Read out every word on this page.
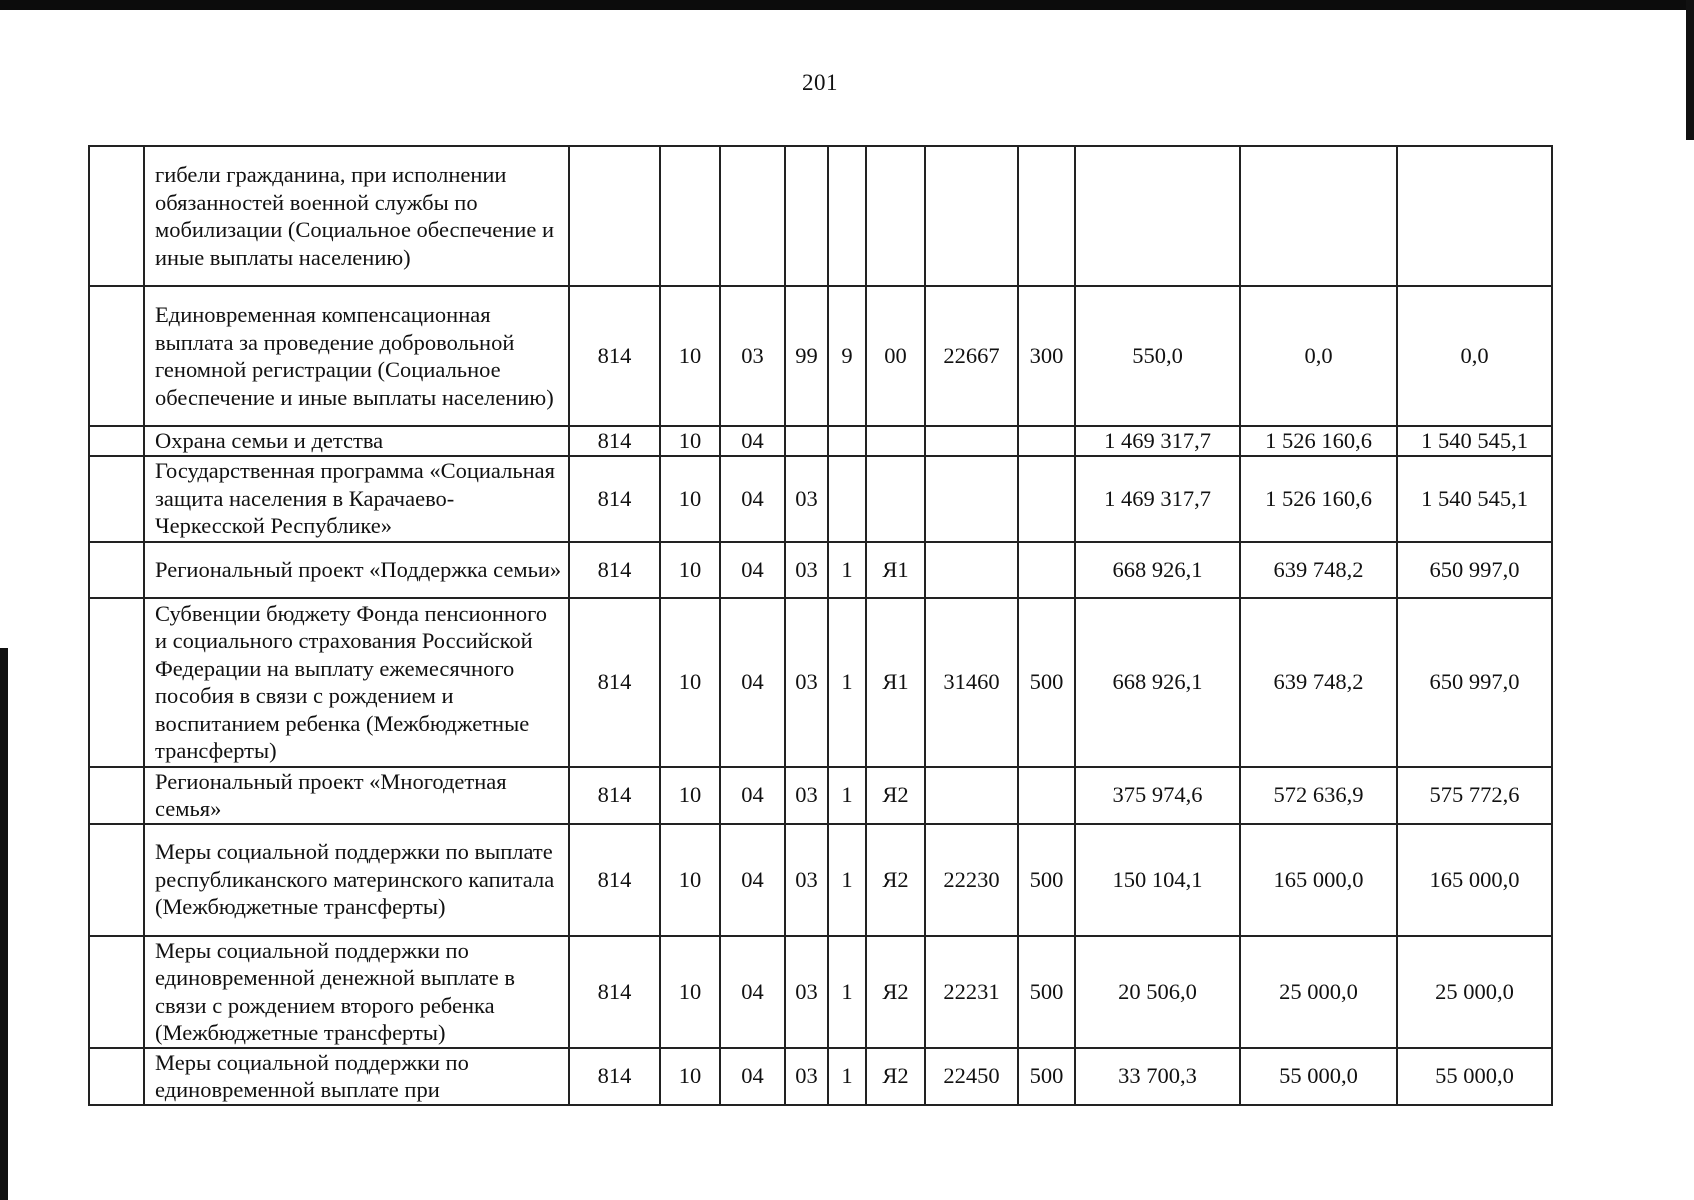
201
	гибели гражданина, при исполнении обязанностей военной службы по мобилизации (Социальное обеспечение и иные выплаты населению)											
	Единовременная компенсационная выплата за проведение добровольной геномной регистрации (Социальное обеспечение и иные выплаты населению)	814	10	03	99	9	00	22667	300	550,0	0,0	0,0
	Охрана семьи и детства	814	10	04						1 469 317,7	1 526 160,6	1 540 545,1
	Государственная программа «Социальная защита населения в Карачаево-Черкесской Республике»	814	10	04	03					1 469 317,7	1 526 160,6	1 540 545,1
	Региональный проект «Поддержка семьи»	814	10	04	03	1	Я1			668 926,1	639 748,2	650 997,0
	Субвенции бюджету Фонда пенсионного и социального страхования Российской Федерации на выплату ежемесячного пособия в связи с рождением и воспитанием ребенка (Межбюджетные трансферты)	814	10	04	03	1	Я1	31460	500	668 926,1	639 748,2	650 997,0
	Региональный проект «Многодетная семья»	814	10	04	03	1	Я2			375 974,6	572 636,9	575 772,6
	Меры социальной поддержки по выплате республиканского материнского капитала (Межбюджетные трансферты)	814	10	04	03	1	Я2	22230	500	150 104,1	165 000,0	165 000,0
	Меры социальной поддержки по единовременной денежной выплате в связи с рождением второго ребенка (Межбюджетные трансферты)	814	10	04	03	1	Я2	22231	500	20 506,0	25 000,0	25 000,0
	Меры социальной поддержки по единовременной выплате при	814	10	04	03	1	Я2	22450	500	33 700,3	55 000,0	55 000,0
